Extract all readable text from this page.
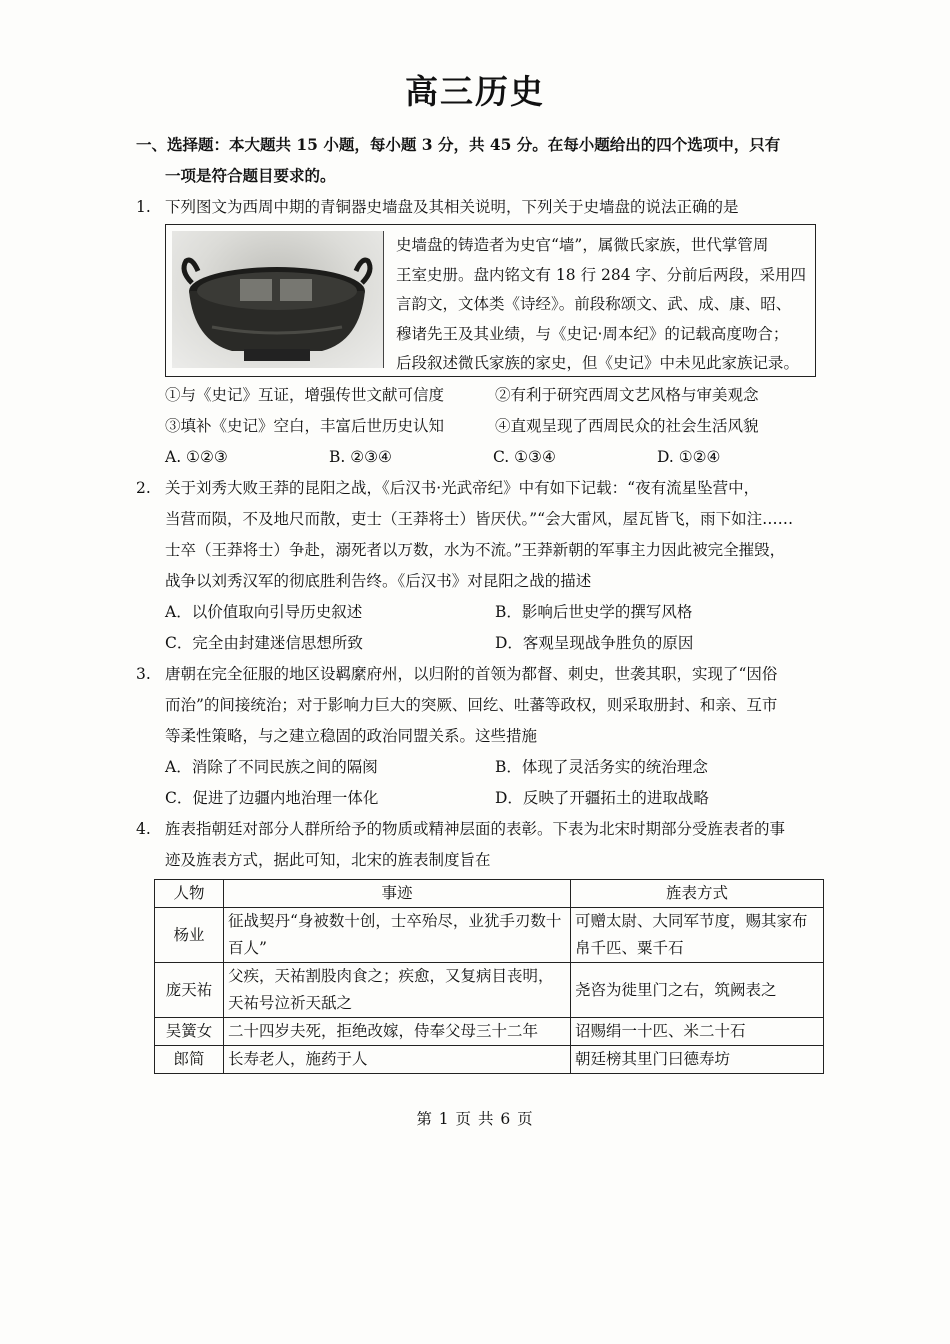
高三历史
一、选择题：本大题共 15 小题，每小题 3 分，共 45 分。在每小题给出的四个选项中，只有
一项是符合题目要求的。
1. 下列图文为西周中期的青铜器史墙盘及其相关说明，下列关于史墙盘的说法正确的是
史墙盘的铸造者为史官“墙”，属微氏家族，世代掌管周
王室史册。盘内铭文有 18 行 284 字、分前后两段，采用四
言韵文，文体类《诗经》。前段称颂文、武、成、康、昭、
穆诸先王及其业绩，与《史记·周本纪》的记载高度吻合；
后段叙述微氏家族的家史，但《史记》中未见此家族记录。
①与《史记》互证，增强传世文献可信度	②有利于研究西周文艺风格与审美观念
③填补《史记》空白，丰富后世历史认知	④直观呈现了西周民众的社会生活风貌
A. ①②③	B. ②③④	C. ①③④	D. ①②④
2. 关于刘秀大败王莽的昆阳之战，《后汉书·光武帝纪》中有如下记载：“夜有流星坠营中，
当营而陨，不及地尺而散，吏士（王莽将士）皆厌伏。”“会大雷风，屋瓦皆飞，雨下如注……
士卒（王莽将士）争赴，溺死者以万数，水为不流。”王莽新朝的军事主力因此被完全摧毁，
战争以刘秀汉军的彻底胜利告终。《后汉书》对昆阳之战的描述
A．以价值取向引导历史叙述	B．影响后世史学的撰写风格
C．完全由封建迷信思想所致	D．客观呈现战争胜负的原因
3. 唐朝在完全征服的地区设羁縻府州，以归附的首领为都督、刺史，世袭其职，实现了“因俗
而治”的间接统治；对于影响力巨大的突厥、回纥、吐蕃等政权，则采取册封、和亲、互市
等柔性策略，与之建立稳固的政治同盟关系。这些措施
A．消除了不同民族之间的隔阂	B．体现了灵活务实的统治理念
C．促进了边疆内地治理一体化	D．反映了开疆拓土的进取战略
4. 旌表指朝廷对部分人群所给予的物质或精神层面的表彰。下表为北宋时期部分受旌表者的事
迹及旌表方式，据此可知，北宋的旌表制度旨在
人物	事迹	旌表方式
杨业	征战契丹“身被数十创，士卒殆尽，业犹手刃数十百人”	可赠太尉、大同军节度，赐其家布帛千匹、粟千石
庞天祐	父疾，天祐割股肉食之；疾愈，又复病目丧明，天祐号泣祈天舐之	尧咨为徙里门之右，筑阙表之
吴簧女	二十四岁夫死，拒绝改嫁，侍奉父母三十二年	诏赐绢一十匹、米二十石
郎简	长寿老人，施药于人	朝廷榜其里门曰德寿坊
第 1 页 共 6 页
